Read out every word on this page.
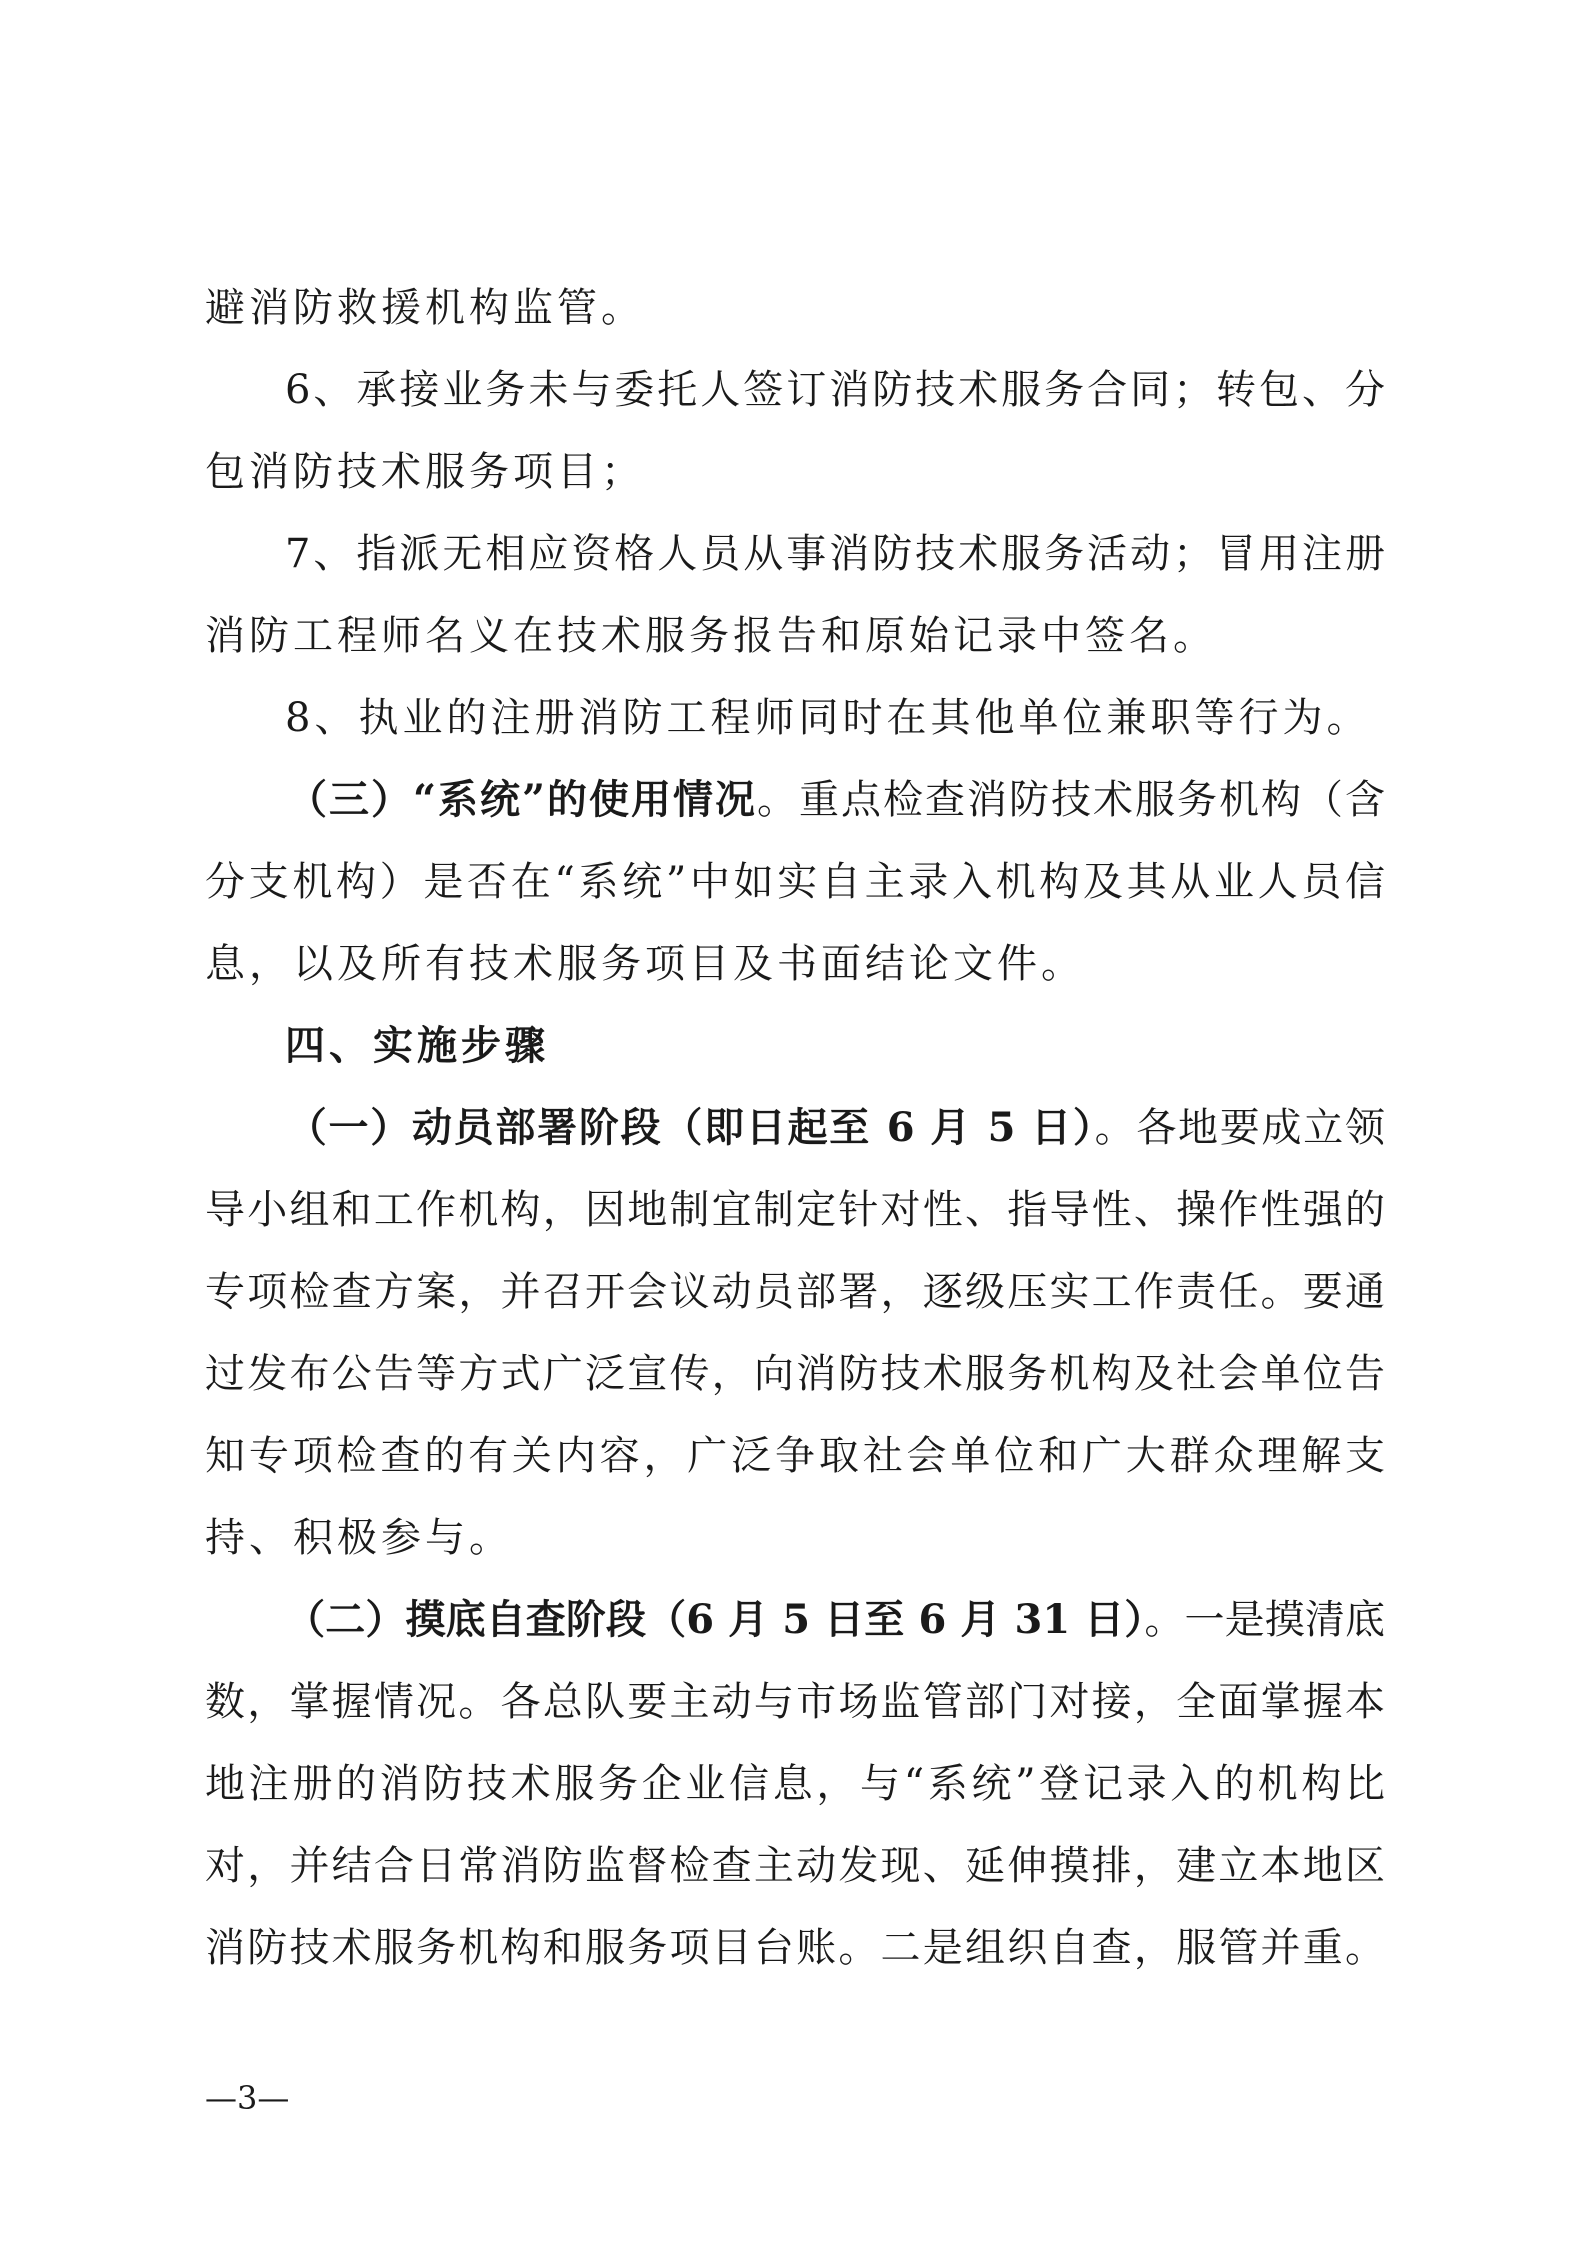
避消防救援机构监管。
6、承接业务未与委托人签订消防技术服务合同；转包、分
包消防技术服务项目；
7、指派无相应资格人员从事消防技术服务活动；冒用注册
消防工程师名义在技术服务报告和原始记录中签名。
8、执业的注册消防工程师同时在其他单位兼职等行为。
（三）“系统”的使用情况。重点检查消防技术服务机构（含
分支机构）是否在“系统”中如实自主录入机构及其从业人员信
息，以及所有技术服务项目及书面结论文件。
四、实施步骤
（一）动员部署阶段（即日起至 6 月 5 日）。各地要成立领
导小组和工作机构，因地制宜制定针对性、指导性、操作性强的
专项检查方案，并召开会议动员部署，逐级压实工作责任。要通
过发布公告等方式广泛宣传，向消防技术服务机构及社会单位告
知专项检查的有关内容，广泛争取社会单位和广大群众理解支
持、积极参与。
（二）摸底自查阶段（6 月 5 日至 6 月 31 日）。一是摸清底
数，掌握情况。各总队要主动与市场监管部门对接，全面掌握本
地注册的消防技术服务企业信息，与“系统”登记录入的机构比
对，并结合日常消防监督检查主动发现、延伸摸排，建立本地区
消防技术服务机构和服务项目台账。二是组织自查，服管并重。
—3—
